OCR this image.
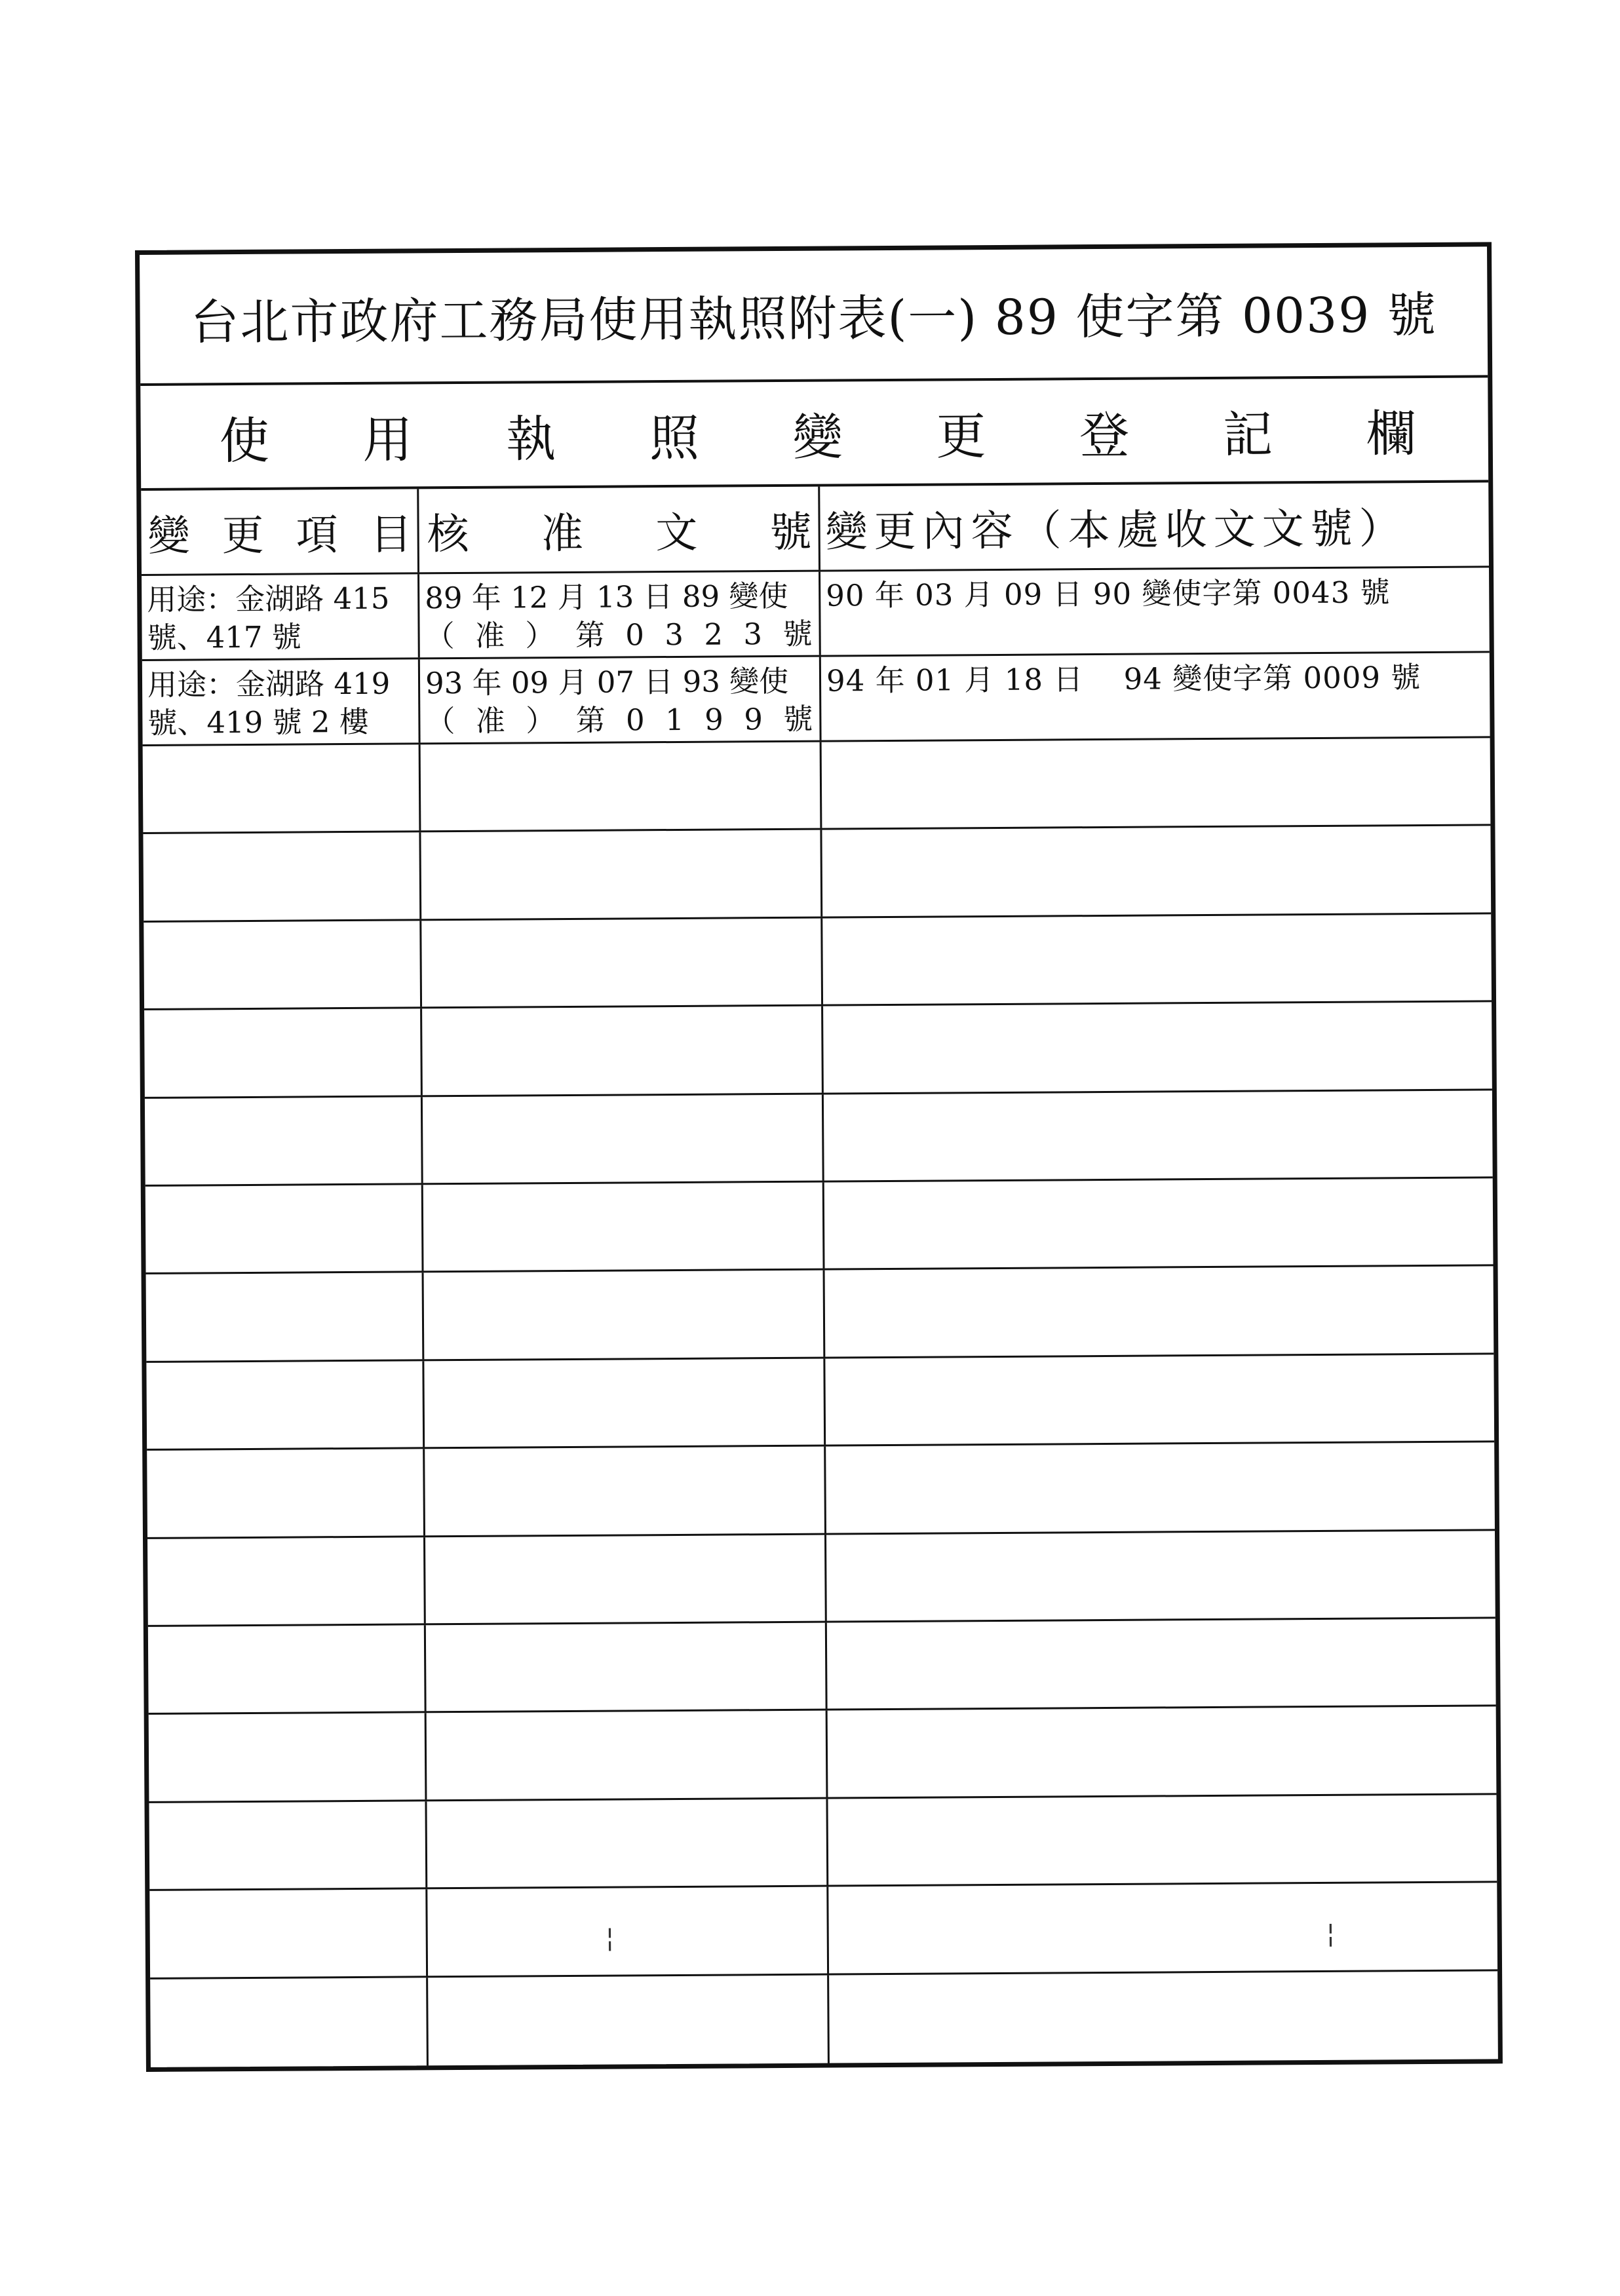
台北市政府工務局使用執照附表(一) 89 使字第 0039 號
使 用 執 照 變 更 登 記 欄
變 更 項 目 核 准 文 號 變更內容（本處收文文號）
用途：金湖路 415
號、417 號
89 年 12 月 13 日 89 變使
（ 准 ） 第 0 3 2 3 號
90 年 03 月 09 日 90 變使字第 0043 號
用途：金湖路 419
號、419 號 2 樓
93 年 09 月 07 日 93 變使
（ 准 ） 第 0 1 9 9 號
94 年 01 月 18 日　 94 變使字第 0009 號
¦	¦
